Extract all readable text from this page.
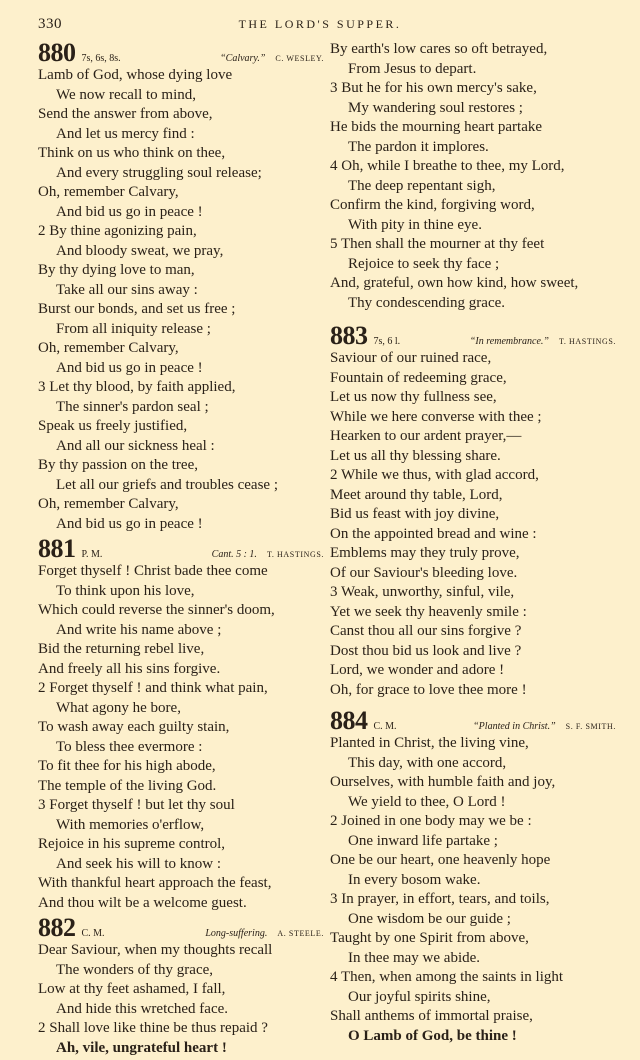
330	THE LORD'S SUPPER.
880 7s, 6s, 8s.	“Calvary.” C. WESLEY.
Lamb of God, whose dying love
We now recall to mind,
Send the answer from above,
And let us mercy find :
Think on us who think on thee,
And every struggling soul release;
Oh, remember Calvary,
And bid us go in peace !
2 By thine agonizing pain,
And bloody sweat, we pray,
By thy dying love to man,
Take all our sins away :
Burst our bonds, and set us free ;
From all iniquity release ;
Oh, remember Calvary,
And bid us go in peace !
3 Let thy blood, by faith applied,
The sinner's pardon seal ;
Speak us freely justified,
And all our sickness heal :
By thy passion on the tree,
Let all our griefs and troubles cease ;
Oh, remember Calvary,
And bid us go in peace !
881 P. M.	Cant. 5 : 1. T. HASTINGS.
Forget thyself ! Christ bade thee come
To think upon his love,
Which could reverse the sinner's doom,
And write his name above ;
Bid the returning rebel live,
And freely all his sins forgive.
2 Forget thyself ! and think what pain,
What agony he bore,
To wash away each guilty stain,
To bless thee evermore :
To fit thee for his high abode,
The temple of the living God.
3 Forget thyself ! but let thy soul
With memories o'erflow,
Rejoice in his supreme control,
And seek his will to know :
With thankful heart approach the feast,
And thou wilt be a welcome guest.
882 C. M.	Long-suffering. A. STEELE.
Dear Saviour, when my thoughts recall
The wonders of thy grace,
Low at thy feet ashamed, I fall,
And hide this wretched face.
2 Shall love like thine be thus repaid ?
Ah, vile, ungrateful heart !
By earth's low cares so oft betrayed,
From Jesus to depart.
3 But he for his own mercy's sake,
My wandering soul restores ;
He bids the mourning heart partake
The pardon it implores.
4 Oh, while I breathe to thee, my Lord,
The deep repentant sigh,
Confirm the kind, forgiving word,
With pity in thine eye.
5 Then shall the mourner at thy feet
Rejoice to seek thy face ;
And, grateful, own how kind, how sweet,
Thy condescending grace.
883 7s, 6 l.	“In remembrance.” T. HASTINGS.
Saviour of our ruined race,
Fountain of redeeming grace,
Let us now thy fullness see,
While we here converse with thee ;
Hearken to our ardent prayer,—
Let us all thy blessing share.
2 While we thus, with glad accord,
Meet around thy table, Lord,
Bid us feast with joy divine,
On the appointed bread and wine :
Emblems may they truly prove,
Of our Saviour's bleeding love.
3 Weak, unworthy, sinful, vile,
Yet we seek thy heavenly smile :
Canst thou all our sins forgive ?
Dost thou bid us look and live ?
Lord, we wonder and adore !
Oh, for grace to love thee more !
884 C. M.	“Planted in Christ.” S. F. SMITH.
Planted in Christ, the living vine,
This day, with one accord,
Ourselves, with humble faith and joy,
We yield to thee, O Lord !
2 Joined in one body may we be :
One inward life partake ;
One be our heart, one heavenly hope
In every bosom wake.
3 In prayer, in effort, tears, and toils,
One wisdom be our guide ;
Taught by one Spirit from above,
In thee may we abide.
4 Then, when among the saints in light
Our joyful spirits shine,
Shall anthems of immortal praise,
O Lamb of God, be thine !
